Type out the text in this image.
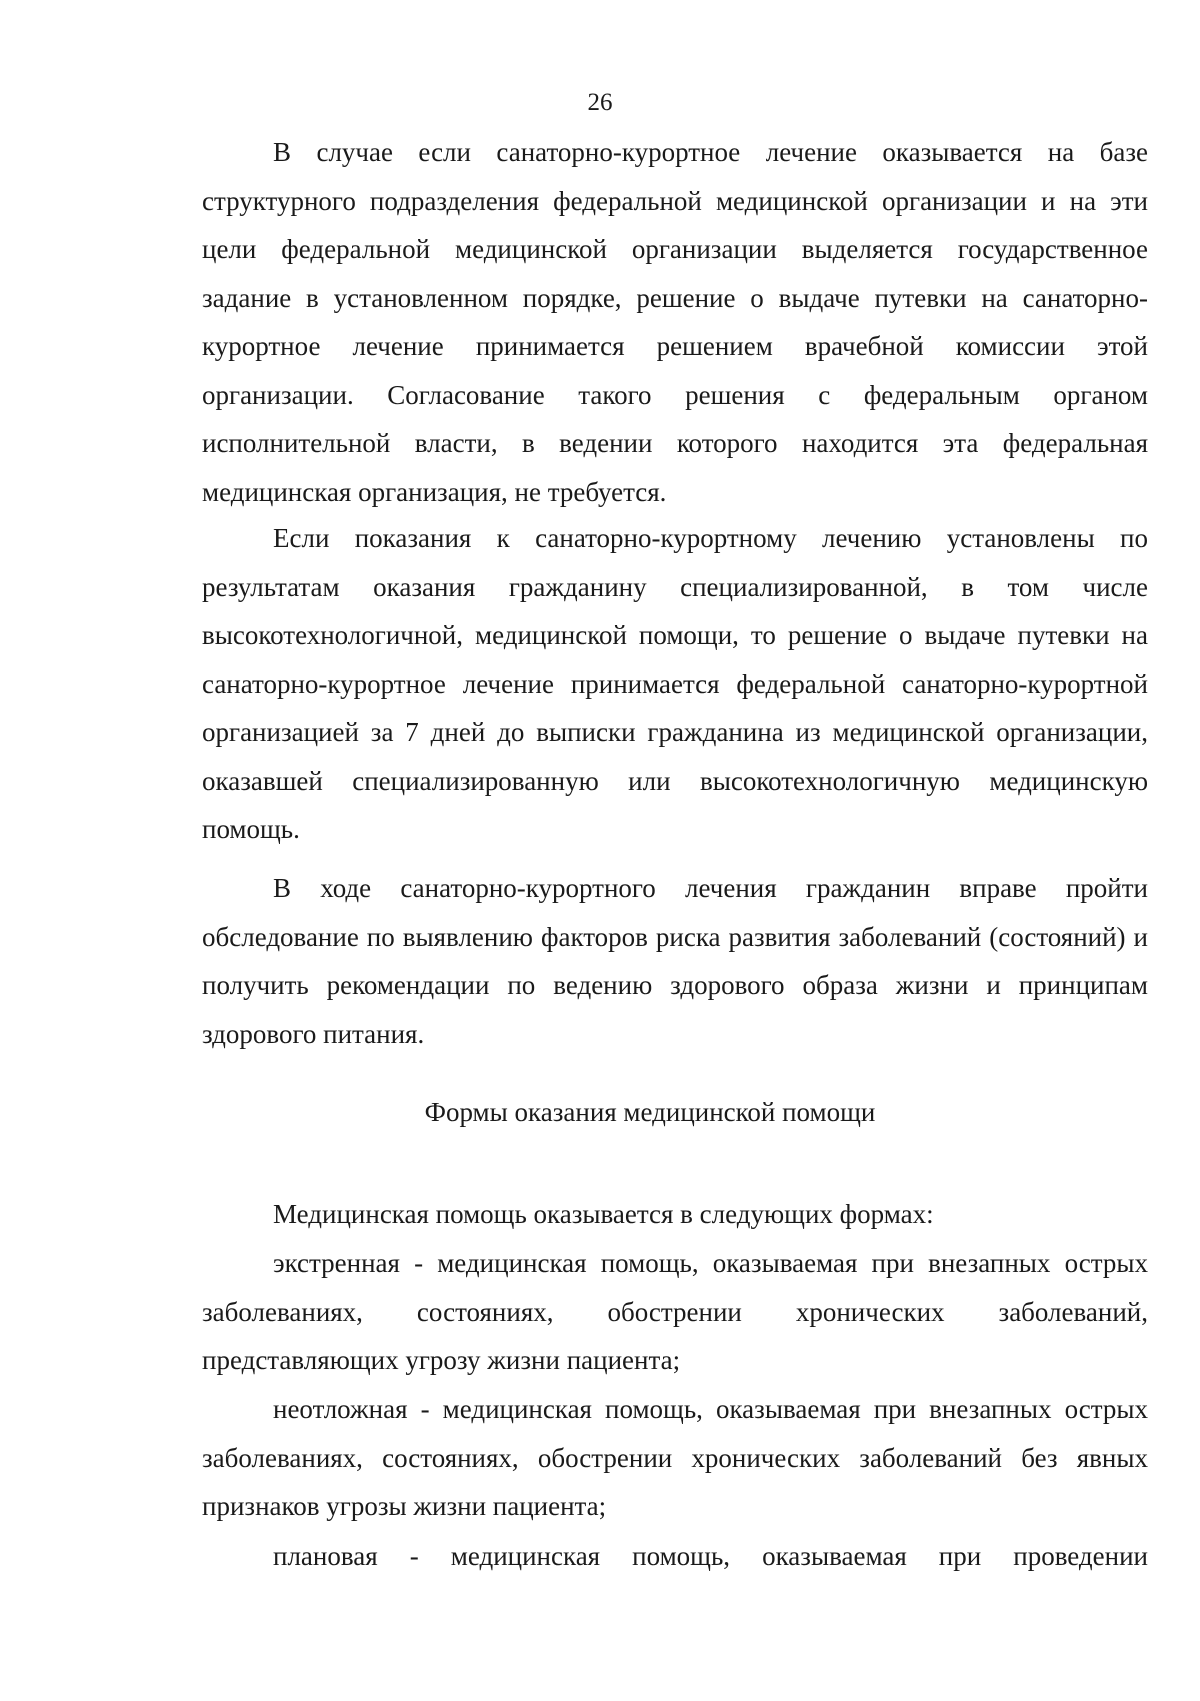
26

В случае если санаторно-курортное лечение оказывается на базе структурного подразделения федеральной медицинской организации и на эти цели федеральной медицинской организации выделяется государственное задание в установленном порядке, решение о выдаче путевки на санаторно-курортное лечение принимается решением врачебной комиссии этой организации. Согласование такого решения с федеральным органом исполнительной власти, в ведении которого находится эта федеральная медицинская организация, не требуется.

Если показания к санаторно-курортному лечению установлены по результатам оказания гражданину специализированной, в том числе высокотехнологичной, медицинской помощи, то решение о выдаче путевки на санаторно-курортное лечение принимается федеральной санаторно-курортной организацией за 7 дней до выписки гражданина из медицинской организации, оказавшей специализированную или высокотехнологичную медицинскую помощь.

В ходе санаторно-курортного лечения гражданин вправе пройти обследование по выявлению факторов риска развития заболеваний (состояний) и получить рекомендации по ведению здорового образа жизни и принципам здорового питания.

Формы оказания медицинской помощи

Медицинская помощь оказывается в следующих формах:

экстренная - медицинская помощь, оказываемая при внезапных острых заболеваниях, состояниях, обострении хронических заболеваний, представляющих угрозу жизни пациента;

неотложная - медицинская помощь, оказываемая при внезапных острых заболеваниях, состояниях, обострении хронических заболеваний без явных признаков угрозы жизни пациента;

плановая - медицинская помощь, оказываемая при проведении
